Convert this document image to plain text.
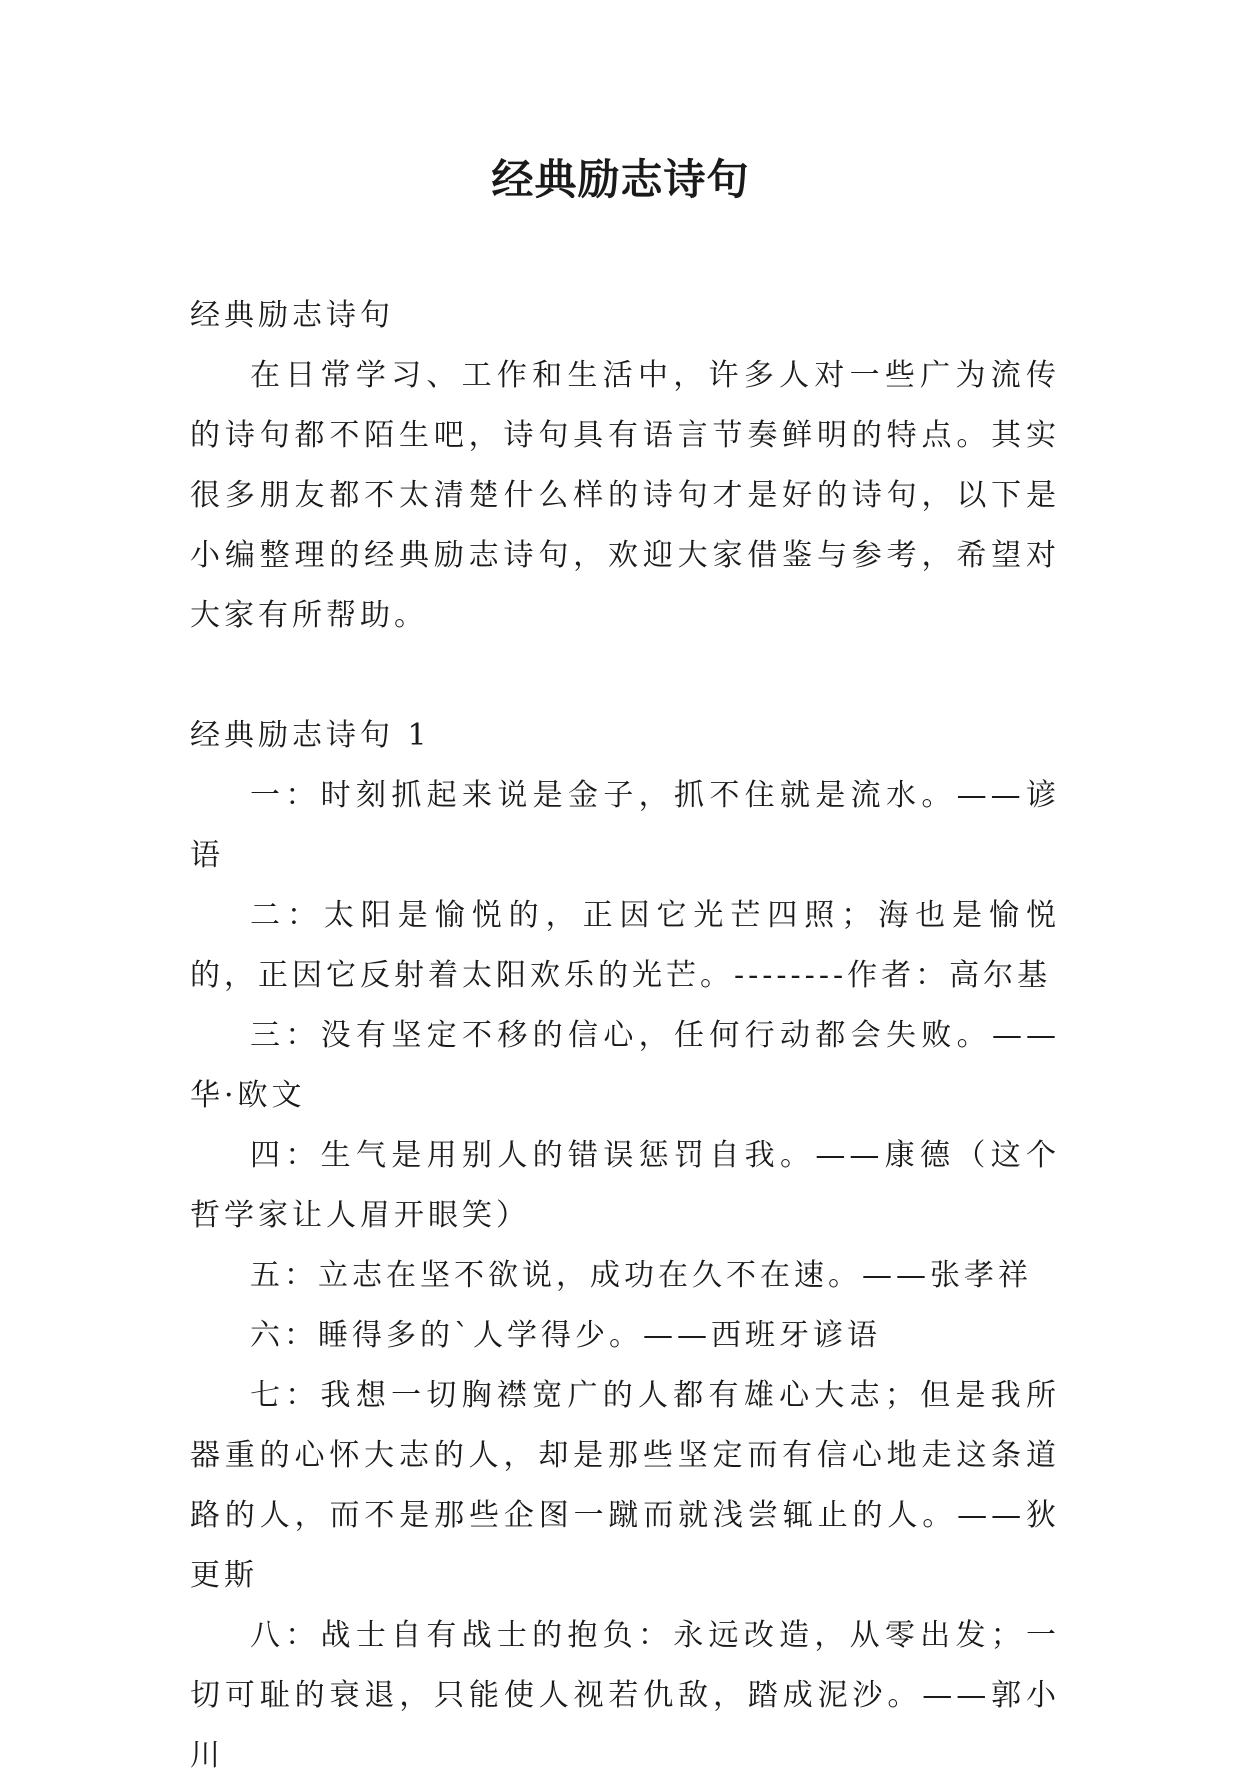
经典励志诗句

经典励志诗句

在日常学习、工作和生活中，许多人对一些广为流传的诗句都不陌生吧，诗句具有语言节奏鲜明的特点。其实很多朋友都不太清楚什么样的诗句才是好的诗句，以下是小编整理的经典励志诗句，欢迎大家借鉴与参考，希望对大家有所帮助。

经典励志诗句 1

一：时刻抓起来说是金子，抓不住就是流水。——谚语

二：太阳是愉悦的，正因它光芒四照；海也是愉悦的，正因它反射着太阳欢乐的光芒。--------作者：高尔基

三：没有坚定不移的信心，任何行动都会失败。——华·欧文

四：生气是用别人的错误惩罚自我。——康德（这个哲学家让人眉开眼笑）

五：立志在坚不欲说，成功在久不在速。——张孝祥

六：睡得多的`人学得少。——西班牙谚语

七：我想一切胸襟宽广的人都有雄心大志；但是我所器重的心怀大志的人，却是那些坚定而有信心地走这条道路的人，而不是那些企图一蹴而就浅尝辄止的人。——狄更斯

八：战士自有战士的抱负：永远改造，从零出发；一切可耻的衰退，只能使人视若仇敌，踏成泥沙。——郭小川
